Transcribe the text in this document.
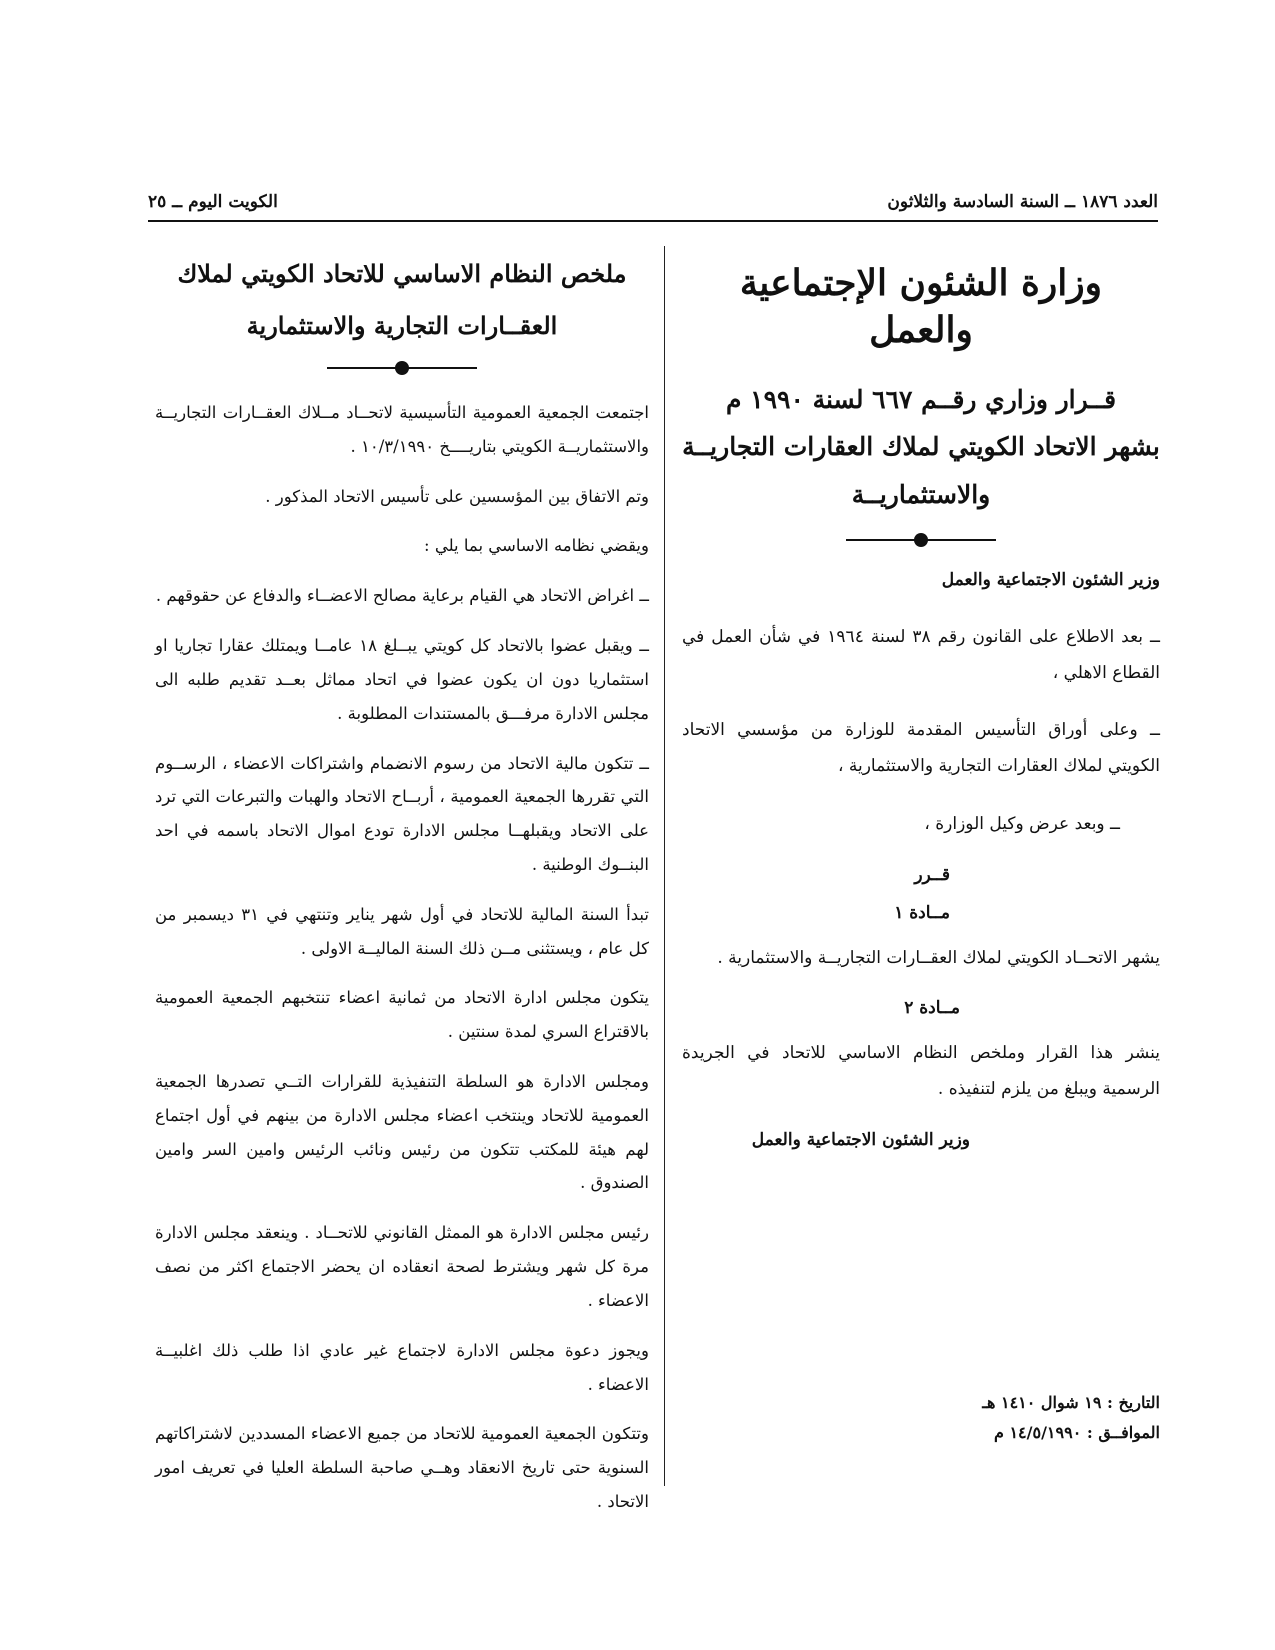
العدد ١٨٧٦ ــ السنة السادسة والثلاثون
الكويت اليوم ــ ٢٥
وزارة الشئون الإجتماعية والعمل
قــرار وزاري رقــم ٦٦٧ لسنة ١٩٩٠ م
بشهر الاتحاد الكويتي لملاك العقارات التجاريــة
والاستثماريــة
وزير الشئون الاجتماعية والعمل

ــ بعد الاطلاع على القانون رقم ٣٨ لسنة ١٩٦٤ في شأن العمل في القطاع الاهلي ،

ــ وعلى أوراق التأسيس المقدمة للوزارة من مؤسسي الاتحاد الكويتي لملاك العقارات التجارية والاستثمارية ،

ــ وبعد عرض وكيل الوزارة ،

قــرر
مــادة ١

يشهر الاتحــاد الكويتي لملاك العقــارات التجاريــة والاستثمارية .

مــادة ٢

ينشر هذا القرار وملخص النظام الاساسي للاتحاد في الجريدة الرسمية ويبلغ من يلزم لتنفيذه .

وزير الشئون الاجتماعية والعمل
التاريخ : ١٩ شوال ١٤١٠ هـ
الموافــق : ١٤/٥/١٩٩٠ م
ملخص النظام الاساسي للاتحاد الكويتي لملاك
العقــارات التجارية والاستثمارية

اجتمعت الجمعية العمومية التأسيسية لاتحــاد مــلاك العقــارات التجاريــة والاستثماريــة الكويتي بتاريــــخ ١٠/٣/١٩٩٠ .

وتم الاتفاق بين المؤسسين على تأسيس الاتحاد المذكور .

ويقضي نظامه الاساسي بما يلي :

ــ اغراض الاتحاد هي القيام برعاية مصالح الاعضــاء والدفاع عن حقوقهم .

ــ ويقبل عضوا بالاتحاد كل كويتي يبــلغ ١٨ عامــا ويمتلك عقارا تجاريا او استثماريا دون ان يكون عضوا في اتحاد مماثل بعــد تقديم طلبه الى مجلس الادارة مرفـــق بالمستندات المطلوبة .

ــ تتكون مالية الاتحاد من رسوم الانضمام واشتراكات الاعضاء ، الرســوم التي تقررها الجمعية العمومية ، أربــاح الاتحاد والهبات والتبرعات التي ترد على الاتحاد ويقبلهــا مجلس الادارة تودع اموال الاتحاد باسمه في احد البنــوك الوطنية .

تبدأ السنة المالية للاتحاد في أول شهر يناير وتنتهي في ٣١ ديسمبر من كل عام ، ويستثنى مــن ذلك السنة الماليــة الاولى .

يتكون مجلس ادارة الاتحاد من ثمانية اعضاء تنتخبهم الجمعية العمومية بالاقتراع السري لمدة سنتين .

ومجلس الادارة هو السلطة التنفيذية للقرارات التــي تصدرها الجمعية العمومية للاتحاد وينتخب اعضاء مجلس الادارة من بينهم في أول اجتماع لهم هيئة للمكتب تتكون من رئيس ونائب الرئيس وامين السر وامين الصندوق .

رئيس مجلس الادارة هو الممثل القانوني للاتحــاد . وينعقد مجلس الادارة مرة كل شهر ويشترط لصحة انعقاده ان يحضر الاجتماع اكثر من نصف الاعضاء .

ويجوز دعوة مجلس الادارة لاجتماع غير عادي اذا طلب ذلك اغلبيــة الاعضاء .

وتتكون الجمعية العمومية للاتحاد من جميع الاعضاء المسددين لاشتراكاتهم السنوية حتى تاريخ الانعقاد وهــي صاحبة السلطة العليا في تعريف امور الاتحاد .
